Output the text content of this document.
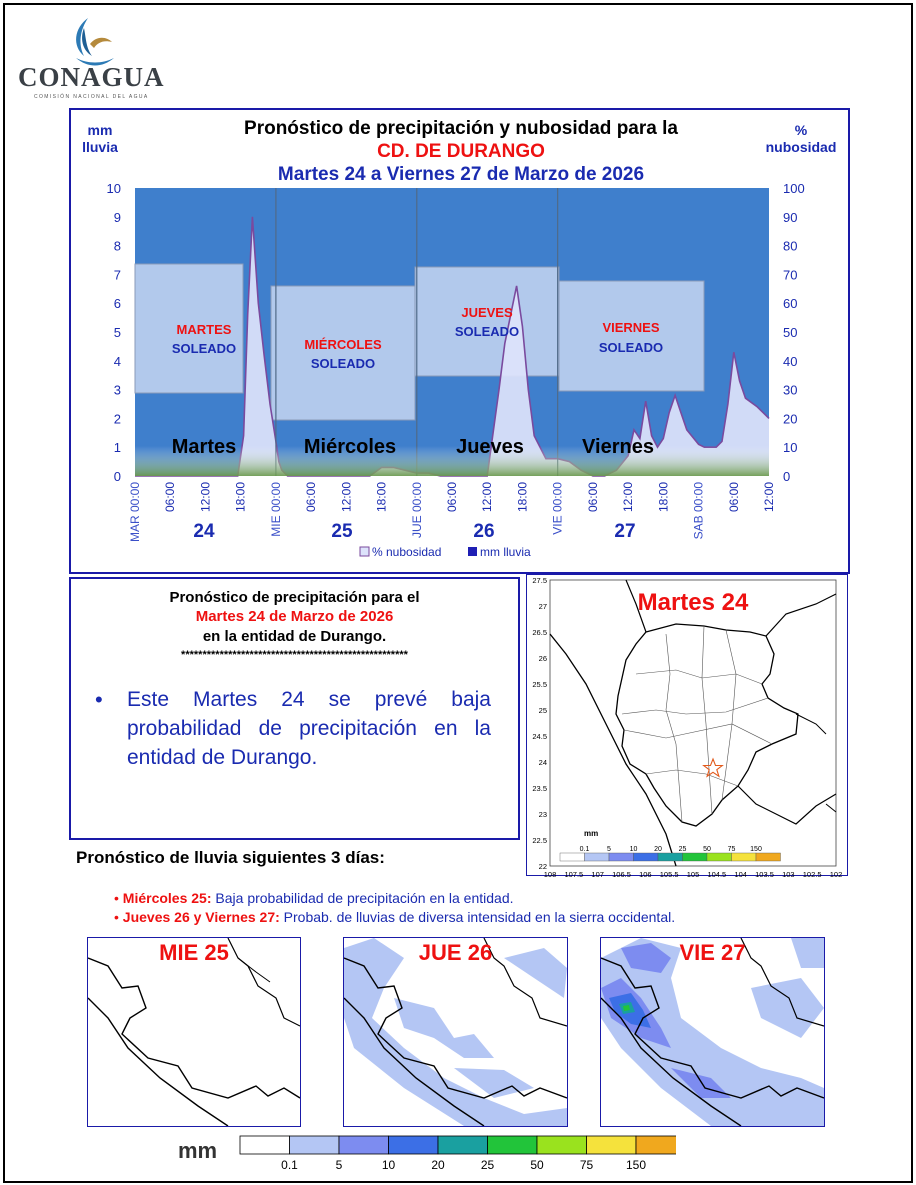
CONAGUA
COMISIÓN NACIONAL DEL AGUA
Pronóstico de precipitación y nubosidad para la
CD. DE DURANGO
Martes 24 a Viernes 27 de Marzo de 2026
mm
lluvia
%
nubosidad
MARTES
SOLEADO	MIÉRCOLES
SOLEADO
JUEVES
SOLEADO	VIERNES
SOLEADO
Martes	Miércoles	Jueves	Viernes
0
1
2
3
4
5
6
7
8
9
10
0
10
20
30
40
50
60
70
80
90
100
MAR 00:00 06:00 12:00 18:00 MIE 00:00 06:00 12:00 18:00 JUE 00:00 06:00 12:00 18:00 VIE 00:00 06:00 12:00 18:00 SAB 00:00 06:00 12:00
24	25	26	27
% nubosidad	mm lluvia
Pronóstico de precipitación para el
Martes 24 de Marzo de 2026
en la entidad de Durango.
*****************************************************
• Este Martes 24 se prevé baja probabilidad de precipitación en la entidad de Durango.
Martes 24
27.5
27
26.5
26
25.5
25
24.5
24
23.5
23
22.5
22
108 107.5 107 106.5 106 105.5 105 104.5 104 103.5 103 102.5 102
mm
0.1	5	10 20 25 50 75 150
Pronóstico de lluvia siguientes 3 días:
• Miércoles 25: Baja probabilidad de precipitación en la entidad.
• Jueves 26 y Viernes 27: Probab. de lluvias de diversa intensidad en la sierra occidental.
MIE 25	JUE 26	VIE 27
mm
0.1	5	10	20	25	50	75	150
